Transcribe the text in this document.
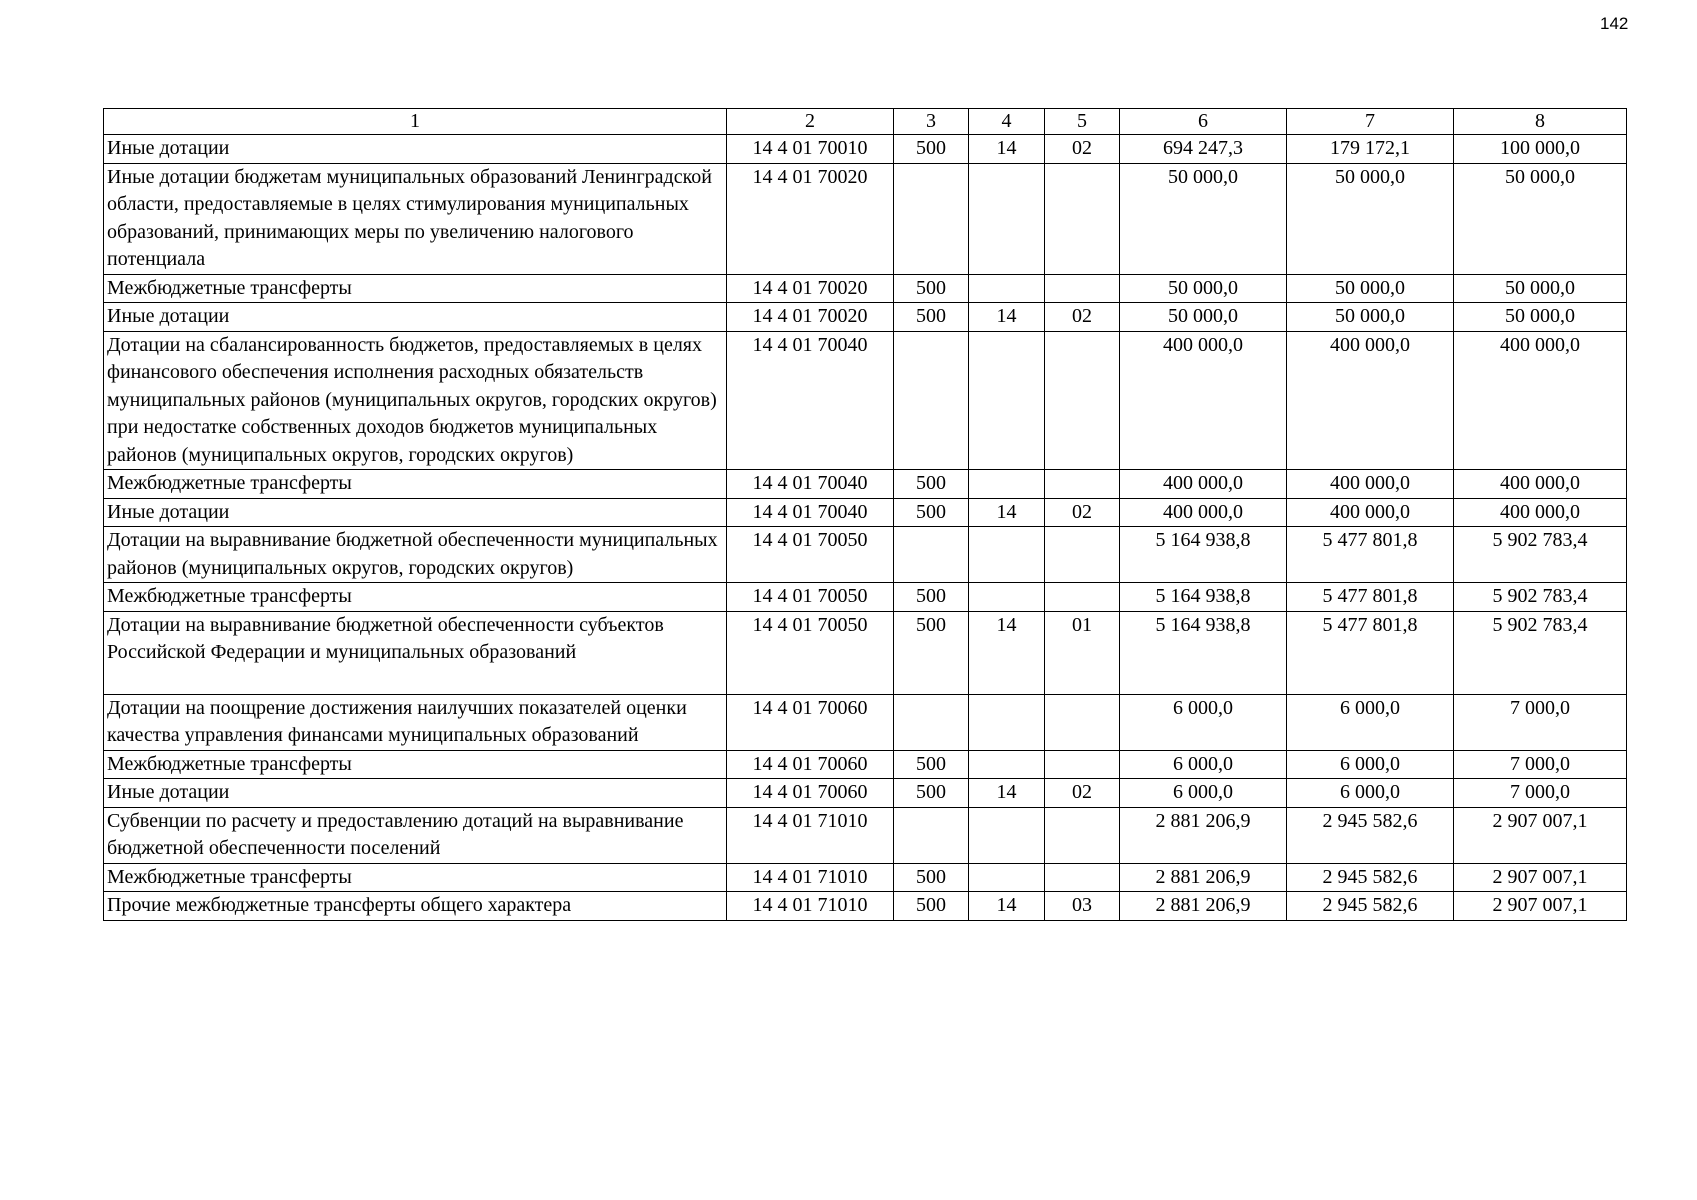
142
1	2	3	4	5	6	7	8
Иные дотации	14 4 01 70010	500	14	02	694 247,3	179 172,1	100 000,0
Иные дотации бюджетам муниципальных образований Ленинградской области, предоставляемые в целях стимулирования муниципальных образований, принимающих меры по увеличению налогового потенциала	14 4 01 70020				50 000,0	50 000,0	50 000,0
Межбюджетные трансферты	14 4 01 70020	500			50 000,0	50 000,0	50 000,0
Иные дотации	14 4 01 70020	500	14	02	50 000,0	50 000,0	50 000,0
Дотации на сбалансированность бюджетов, предоставляемых в целях финансового обеспечения исполнения расходных обязательств муниципальных районов (муниципальных округов, городских округов) при недостатке собственных доходов бюджетов муниципальных районов (муниципальных округов, городских округов)	14 4 01 70040				400 000,0	400 000,0	400 000,0
Межбюджетные трансферты	14 4 01 70040	500			400 000,0	400 000,0	400 000,0
Иные дотации	14 4 01 70040	500	14	02	400 000,0	400 000,0	400 000,0
Дотации на выравнивание бюджетной обеспеченности муниципальных районов (муниципальных округов, городских округов)	14 4 01 70050				5 164 938,8	5 477 801,8	5 902 783,4
Межбюджетные трансферты	14 4 01 70050	500			5 164 938,8	5 477 801,8	5 902 783,4
Дотации на выравнивание бюджетной обеспеченности субъектов Российской Федерации и муниципальных образований	14 4 01 70050	500	14	01	5 164 938,8	5 477 801,8	5 902 783,4
Дотации на поощрение достижения наилучших показателей оценки качества управления финансами муниципальных образований	14 4 01 70060				6 000,0	6 000,0	7 000,0
Межбюджетные трансферты	14 4 01 70060	500			6 000,0	6 000,0	7 000,0
Иные дотации	14 4 01 70060	500	14	02	6 000,0	6 000,0	7 000,0
Субвенции по расчету и предоставлению дотаций на выравнивание бюджетной обеспеченности поселений	14 4 01 71010				2 881 206,9	2 945 582,6	2 907 007,1
Межбюджетные трансферты	14 4 01 71010	500			2 881 206,9	2 945 582,6	2 907 007,1
Прочие межбюджетные трансферты общего характера	14 4 01 71010	500	14	03	2 881 206,9	2 945 582,6	2 907 007,1
